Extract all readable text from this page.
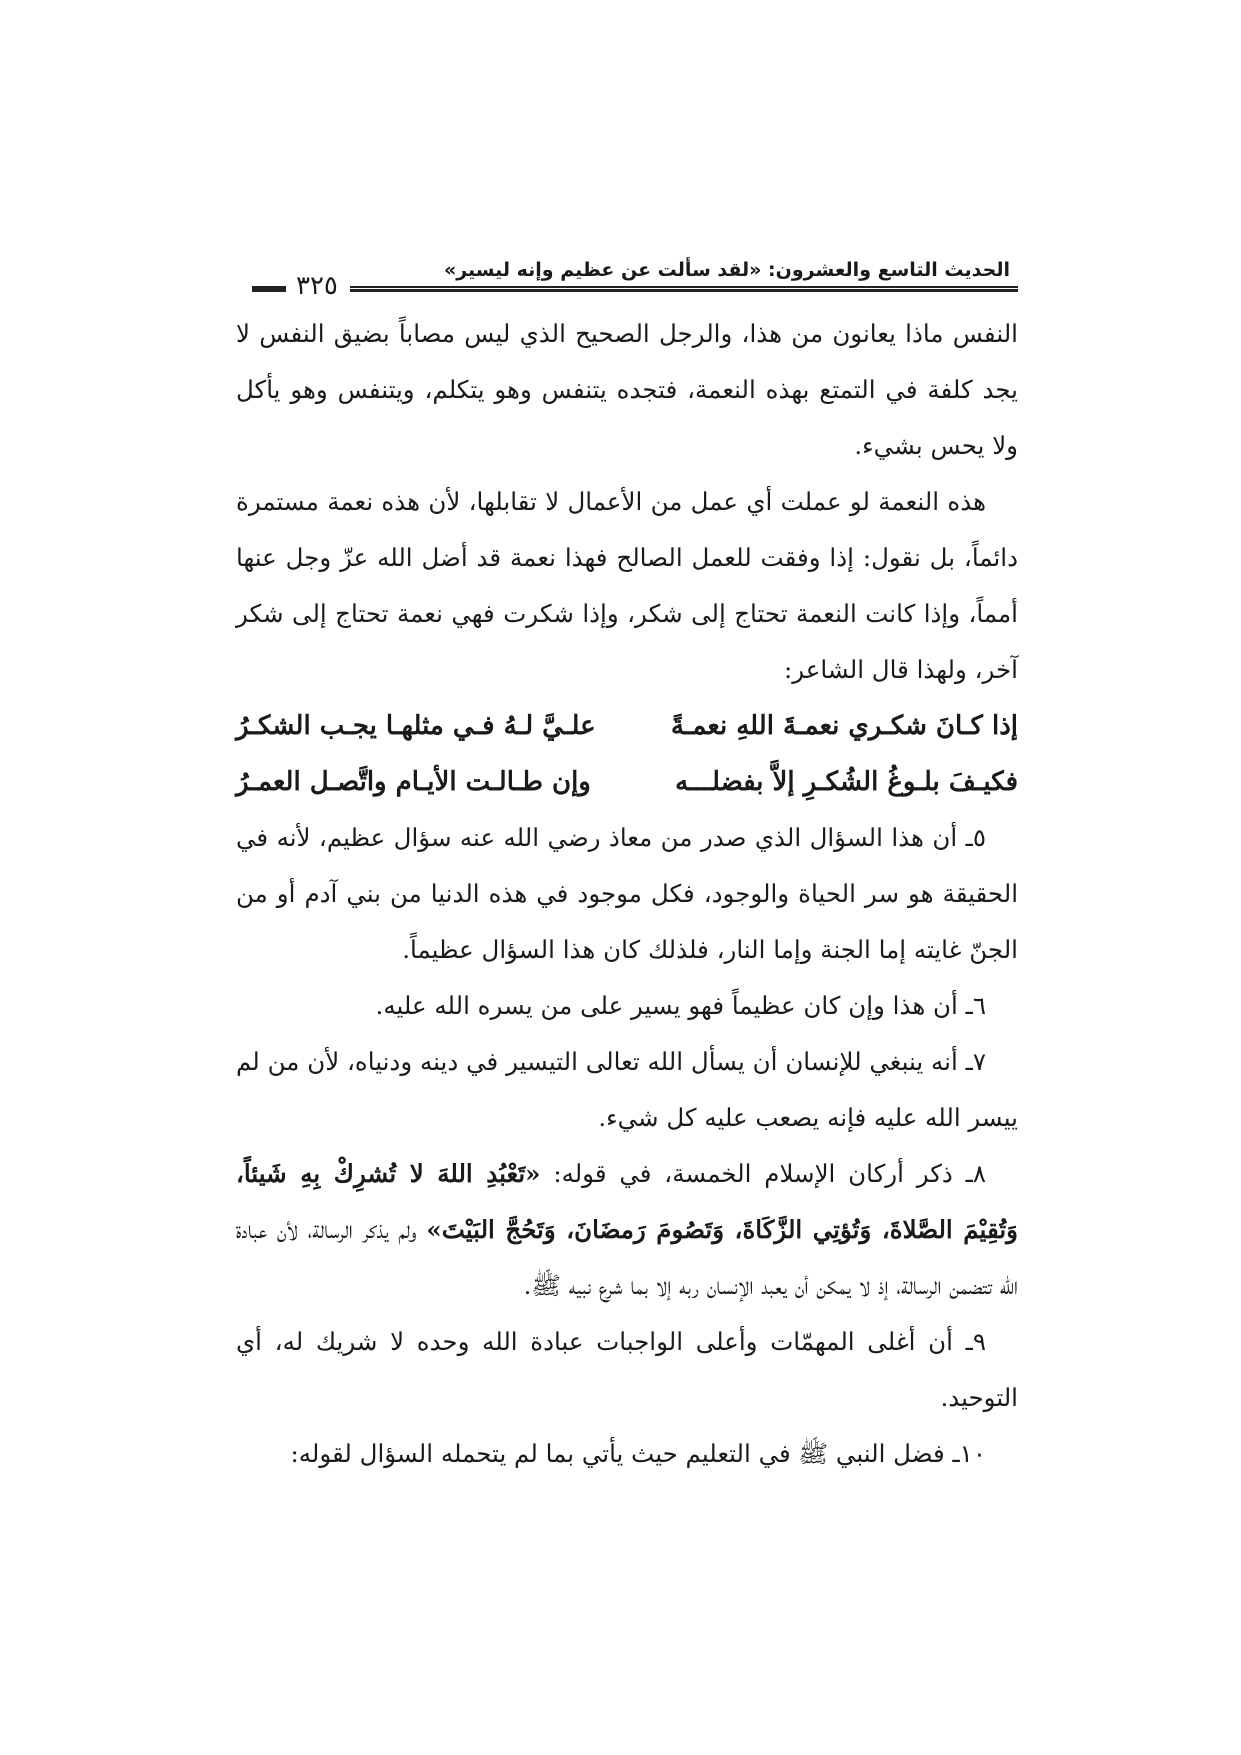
الحديث التاسع والعشرون: «لقد سألت عن عظيم وإنه ليسير»
٣٢٥

النفس ماذا يعانون من هذا، والرجل الصحيح الذي ليس مصاباً بضيق النفس لا يجد كلفة في التمتع بهذه النعمة، فتجده يتنفس وهو يتكلم، ويتنفس وهو يأكل ولا يحس بشيء.

هذه النعمة لو عملت أي عمل من الأعمال لا تقابلها، لأن هذه نعمة مستمرة دائماً، بل نقول: إذا وفقت للعمل الصالح فهذا نعمة قد أضل الله عزّ وجل عنها أمماً، وإذا كانت النعمة تحتاج إلى شكر، وإذا شكرت فهي نعمة تحتاج إلى شكر آخر، ولهذا قال الشاعر:

إذا كـانَ شكـري نعمـةَ اللهِ نعمـةً
علـيَّ لـهُ فـي مثلهـا يجـب الشكـرُ
فكيـفَ بلـوغُ الشُكـرِ إلاَّ بفضلـــه
وإن طـالـت الأيـام واتَّصـل العمـرُ

٥ـ أن هذا السؤال الذي صدر من معاذ رضي الله عنه سؤال عظيم، لأنه في الحقيقة هو سر الحياة والوجود، فكل موجود في هذه الدنيا من بني آدم أو من الجنّ غايته إما الجنة وإما النار، فلذلك كان هذا السؤال عظيماً.

٦ـ أن هذا وإن كان عظيماً فهو يسير على من يسره الله عليه.

٧ـ أنه ينبغي للإنسان أن يسأل الله تعالى التيسير في دينه ودنياه، لأن من لم ييسر الله عليه فإنه يصعب عليه كل شيء.

٨ـ ذكر أركان الإسلام الخمسة، في قوله: «تَعْبُدِ اللهَ لا تُشرِكْ بِهِ شَيئاً، وَتُقِيْمَ الصَّلاةَ، وَتُؤتِي الزَّكَاةَ، وَتَصُومَ رَمضَانَ، وَتَحُجَّ البَيْتَ» ولم يذكر الرسالة، لأن عبادة الله تتضمن الرسالة، إذ لا يمكن أن يعبد الإنسان ربه إلا بما شرع نبيه ﷺ.

٩ـ أن أغلى المهمّات وأعلى الواجبات عبادة الله وحده لا شريك له، أي التوحيد.

١٠ـ فضل النبي ﷺ في التعليم حيث يأتي بما لم يتحمله السؤال لقوله:
